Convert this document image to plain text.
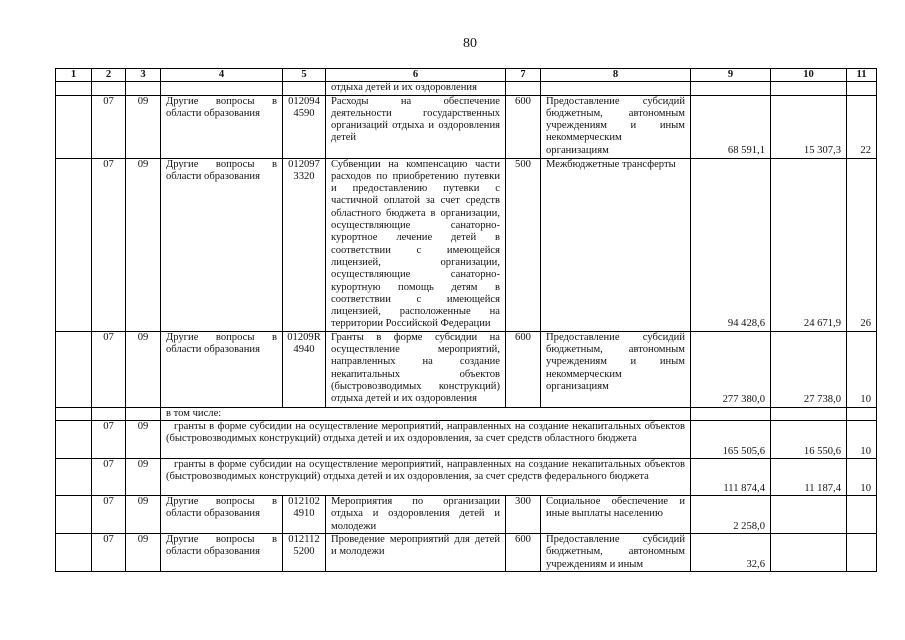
80
1	2	3	4	5	6	7	8	9	10	11
					отдыха детей и их оздоровления					
	07	09	Другие вопросы в области образования	012094 4590	Расходы на обеспечение деятельности государственных организаций отдыха и оздоровления детей	600	Предоставление субсидий бюджетным, автономным учреждениям и иным некоммерческим организациям	68 591,1	15 307,3	22
	07	09	Другие вопросы в области образования	012097 3320	Субвенции на компенсацию части расходов по приобретению путевки и предоставлению путевки с частичной оплатой за счет средств областного бюджета в организации, осуществляющие санаторно-курортное лечение детей в соответствии с имеющейся лицензией, организации, осуществляющие санаторно-курортную помощь детям в соответствии с имеющейся лицензией, расположенные на территории Российской Федерации	500	Межбюджетные трансферты	94 428,6	24 671,9	26
	07	09	Другие вопросы в области образования	01209R 4940	Гранты в форме субсидии на осуществление мероприятий, направленных на создание некапитальных объектов (быстровозводимых конструкций) отдыха детей и их оздоровления	600	Предоставление субсидий бюджетным, автономным учреждениям и иным некоммерческим организациям	277 380,0	27 738,0	10
			в том числе:							
	07	09	гранты в форме субсидии на осуществление мероприятий, направленных на создание некапитальных объектов (быстровозводимых конструкций) отдыха детей и их оздоровления, за счет средств областного бюджета					165 505,6	16 550,6	10
	07	09	гранты в форме субсидии на осуществление мероприятий, направленных на создание некапитальных объектов (быстровозводимых конструкций) отдыха детей и их оздоровления, за счет средств федерального бюджета					111 874,4	11 187,4	10
	07	09	Другие вопросы в области образования	012102 4910	Мероприятия по организации отдыха и оздоровления детей и молодежи	300	Социальное обеспечение и иные выплаты населению	2 258,0		
	07	09	Другие вопросы в области образования	012112 5200	Проведение мероприятий для детей и молодежи	600	Предоставление субсидий бюджетным, автономным учреждениям и иным	32,6		
